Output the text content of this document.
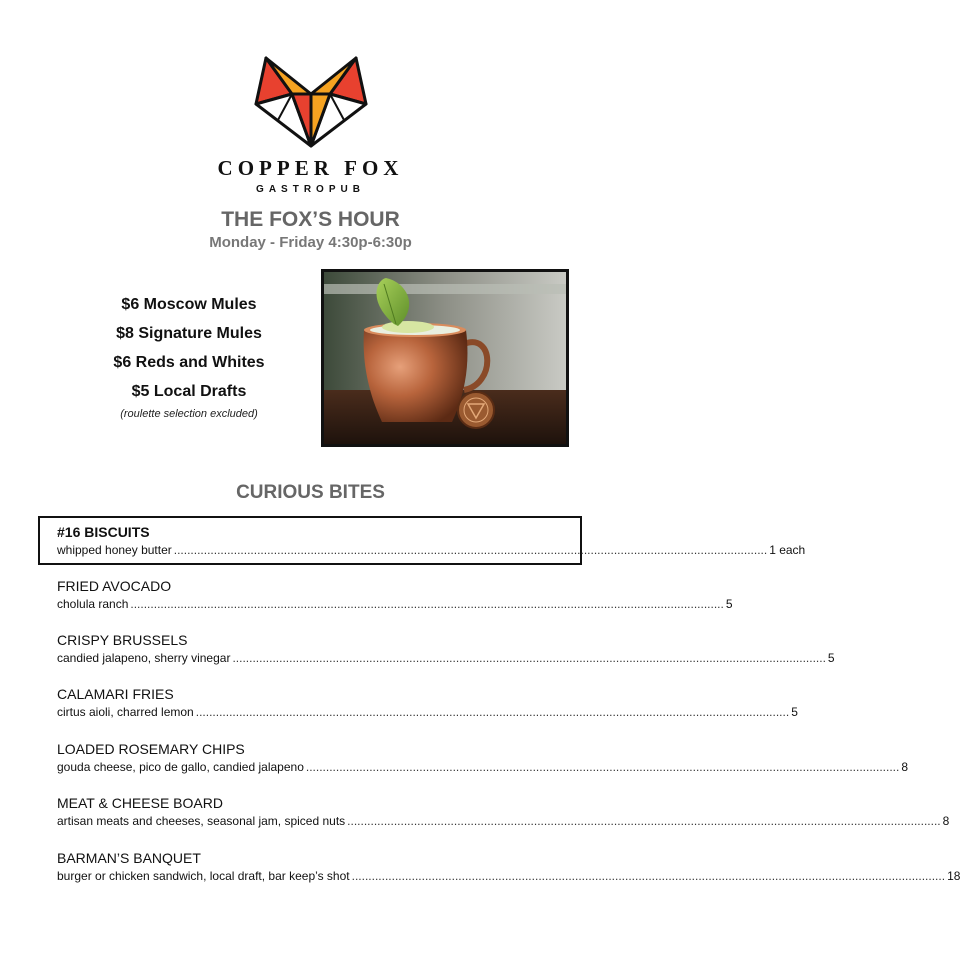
COPPER FOX
GASTROPUB
THE FOX’S HOUR
Monday - Friday 4:30p-6:30p
$6 Moscow Mules
$8 Signature Mules
$6 Reds and Whites
$5 Local Drafts
(roulette selection excluded)
CURIOUS BITES
#16 BISCUITS
whipped honey butter .................................................................................................................................................................................. 1 each
FRIED AVOCADO
cholula ranch .................................................................................................................................................................................. 5
CRISPY BRUSSELS
candied jalapeno, sherry vinegar .................................................................................................................................................................................. 5
CALAMARI FRIES
cirtus aioli, charred lemon .................................................................................................................................................................................. 5
LOADED ROSEMARY CHIPS
gouda cheese, pico de gallo, candied jalapeno .................................................................................................................................................................................. 8
MEAT & CHEESE BOARD
artisan meats and cheeses, seasonal jam, spiced nuts .................................................................................................................................................................................. 8
BARMAN’S BANQUET
burger or chicken sandwich, local draft, bar keep’s shot .................................................................................................................................................................................. 18
